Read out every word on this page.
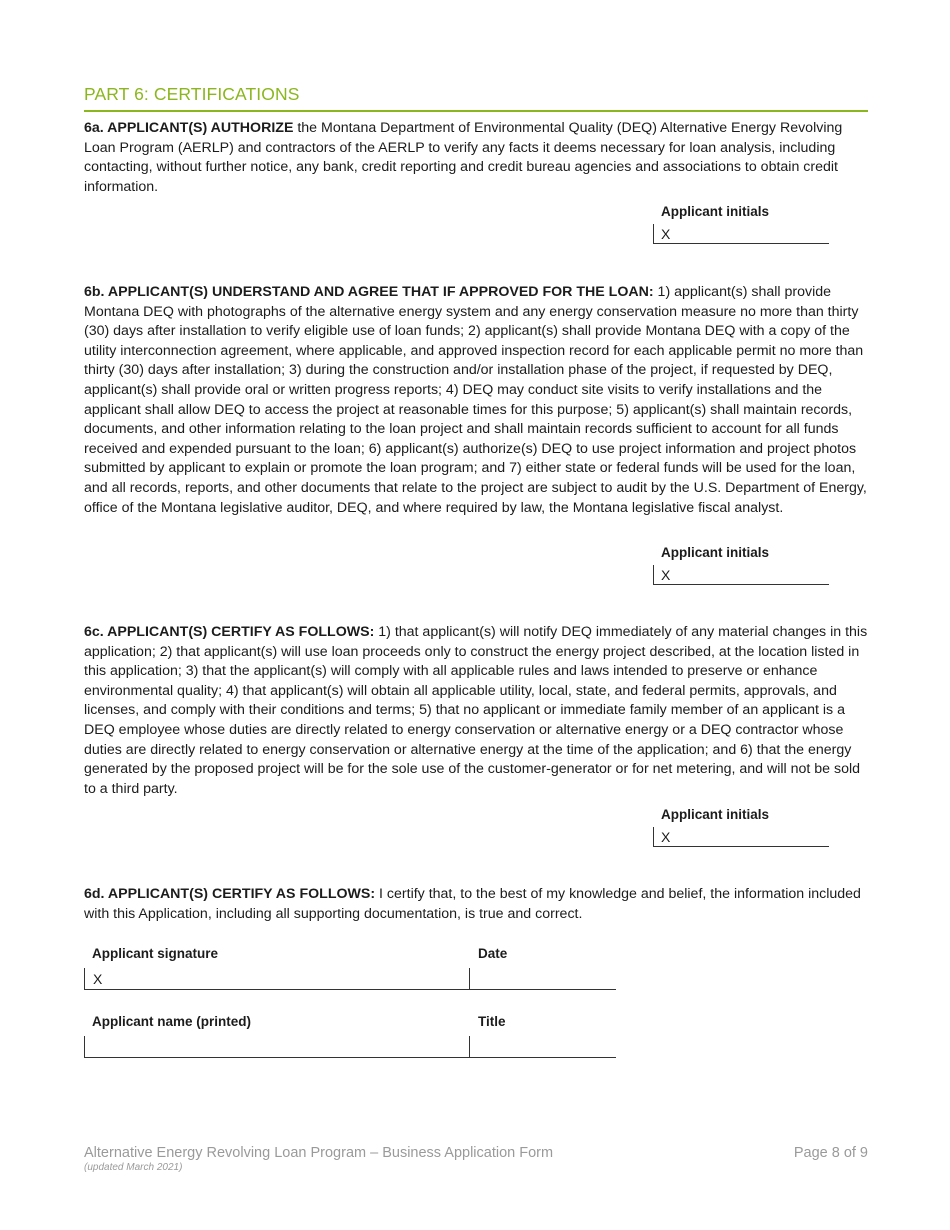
PART 6: CERTIFICATIONS
6a. APPLICANT(S) AUTHORIZE the Montana Department of Environmental Quality (DEQ) Alternative Energy Revolving Loan Program (AERLP) and contractors of the AERLP to verify any facts it deems necessary for loan analysis, including contacting, without further notice, any bank, credit reporting and credit bureau agencies and associations to obtain credit information.
Applicant initials
X
6b. APPLICANT(S) UNDERSTAND AND AGREE THAT IF APPROVED FOR THE LOAN: 1) applicant(s) shall provide Montana DEQ with photographs of the alternative energy system and any energy conservation measure no more than thirty (30) days after installation to verify eligible use of loan funds; 2) applicant(s) shall provide Montana DEQ with a copy of the utility interconnection agreement, where applicable, and approved inspection record for each applicable permit no more than thirty (30) days after installation; 3) during the construction and/or installation phase of the project, if requested by DEQ, applicant(s) shall provide oral or written progress reports; 4) DEQ may conduct site visits to verify installations and the applicant shall allow DEQ to access the project at reasonable times for this purpose; 5) applicant(s) shall maintain records, documents, and other information relating to the loan project and shall maintain records sufficient to account for all funds received and expended pursuant to the loan; 6) applicant(s) authorize(s) DEQ to use project information and project photos submitted by applicant to explain or promote the loan program; and 7) either state or federal funds will be used for the loan, and all records, reports, and other documents that relate to the project are subject to audit by the U.S. Department of Energy, office of the Montana legislative auditor, DEQ, and where required by law, the Montana legislative fiscal analyst.
Applicant initials
X
6c. APPLICANT(S) CERTIFY AS FOLLOWS: 1) that applicant(s) will notify DEQ immediately of any material changes in this application; 2) that applicant(s) will use loan proceeds only to construct the energy project described, at the location listed in this application; 3) that the applicant(s) will comply with all applicable rules and laws intended to preserve or enhance environmental quality; 4) that applicant(s) will obtain all applicable utility, local, state, and federal permits, approvals, and licenses, and comply with their conditions and terms; 5) that no applicant or immediate family member of an applicant is a DEQ employee whose duties are directly related to energy conservation or alternative energy or a DEQ contractor whose duties are directly related to energy conservation or alternative energy at the time of the application; and 6) that the energy generated by the proposed project will be for the sole use of the customer-generator or for net metering, and will not be sold to a third party.
Applicant initials
X
6d. APPLICANT(S) CERTIFY AS FOLLOWS: I certify that, to the best of my knowledge and belief, the information included with this Application, including all supporting documentation, is true and correct.
Applicant signature	Date
X
Applicant name (printed)	Title
Alternative Energy Revolving Loan Program – Business Application Form
(updated March 2021)
Page 8 of 9
